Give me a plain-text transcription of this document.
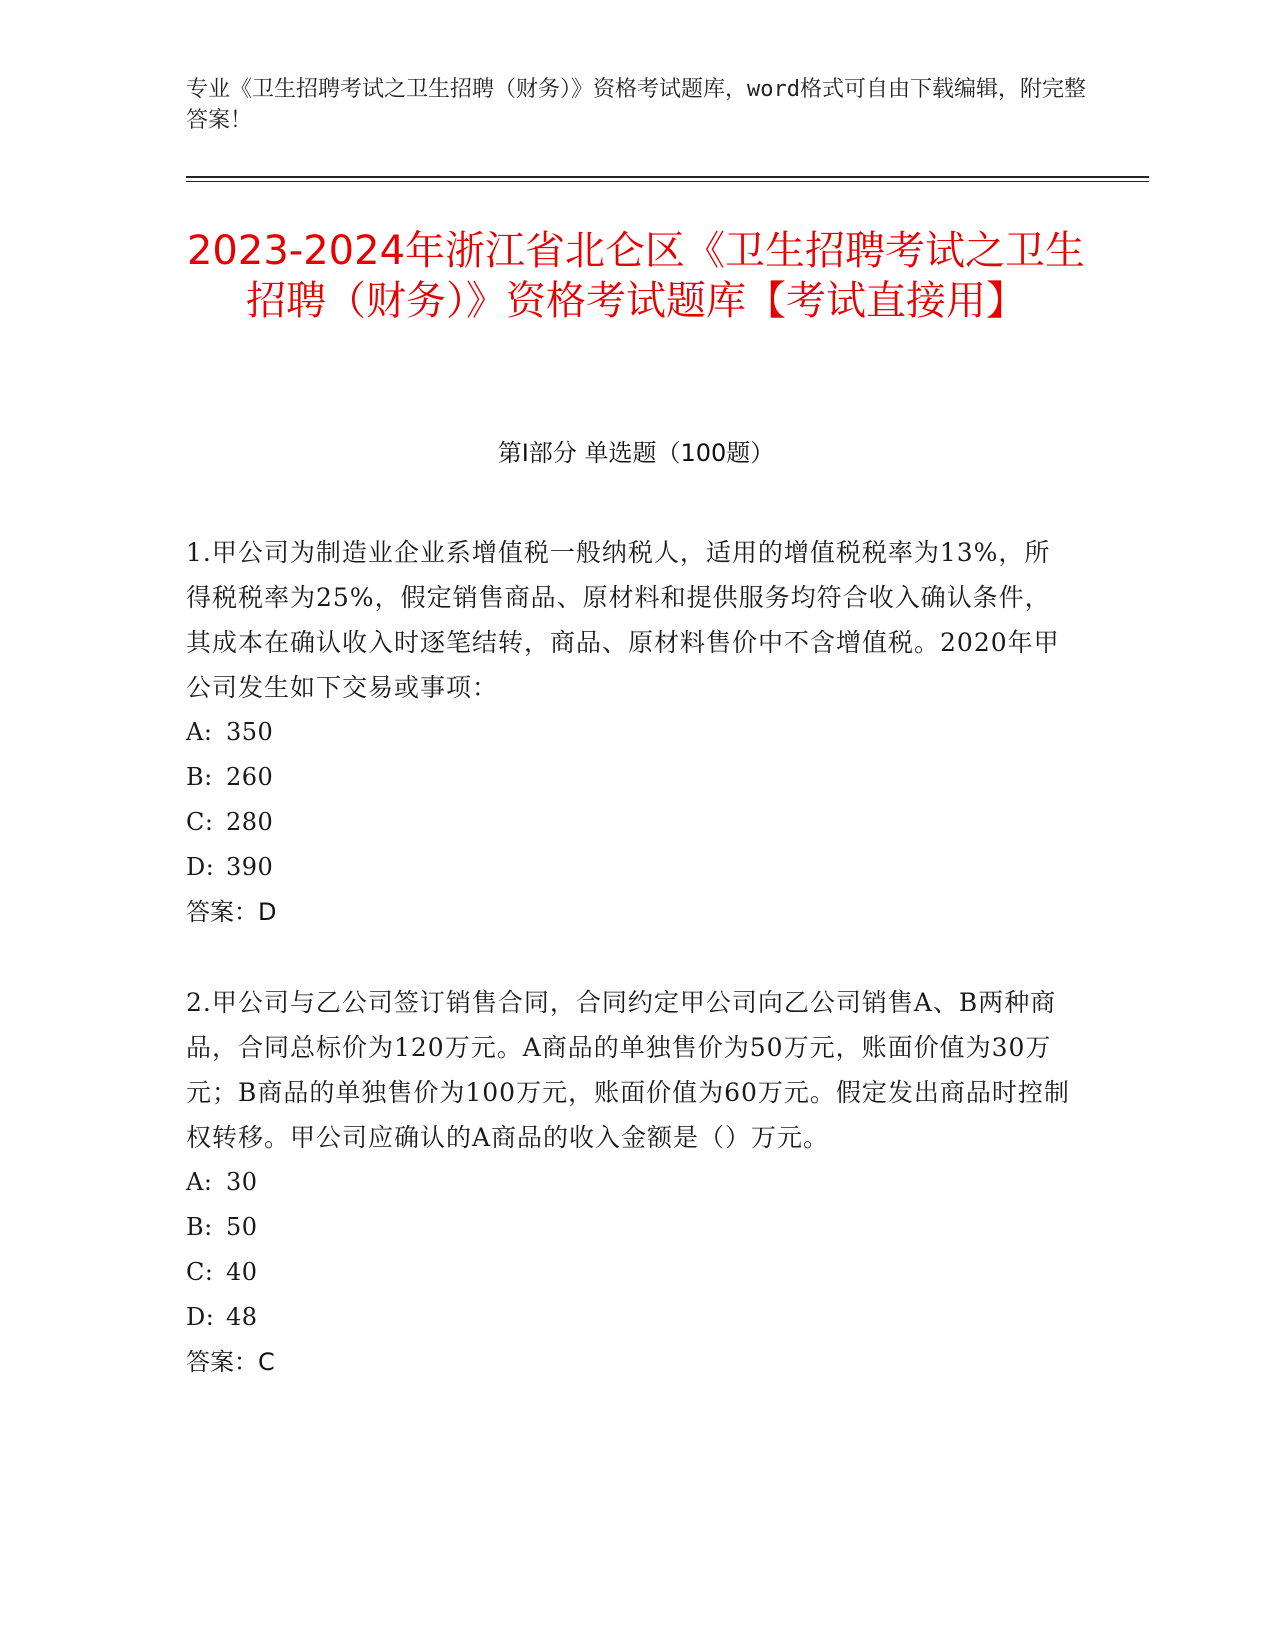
专业《卫生招聘考试之卫生招聘（财务）》资格考试题库，word格式可自由下载编辑，附完整答案！
2023-2024年浙江省北仑区《卫生招聘考试之卫生招聘（财务）》资格考试题库【考试直接用】
第Ⅰ部分 单选题（100题）

1.甲公司为制造业企业系增值税一般纳税人，适用的增值税税率为13%，所得税税率为25%，假定销售商品、原材料和提供服务均符合收入确认条件，其成本在确认收入时逐笔结转，商品、原材料售价中不含增值税。2020年甲公司发生如下交易或事项：

A: 350

B: 260

C: 280

D: 390

答案：D

2.甲公司与乙公司签订销售合同，合同约定甲公司向乙公司销售A、B两种商品，合同总标价为120万元。A商品的单独售价为50万元，账面价值为30万元；B商品的单独售价为100万元，账面价值为60万元。假定发出商品时控制权转移。甲公司应确认的A商品的收入金额是（）万元。

A: 30

B: 50

C: 40

D: 48

答案：C
